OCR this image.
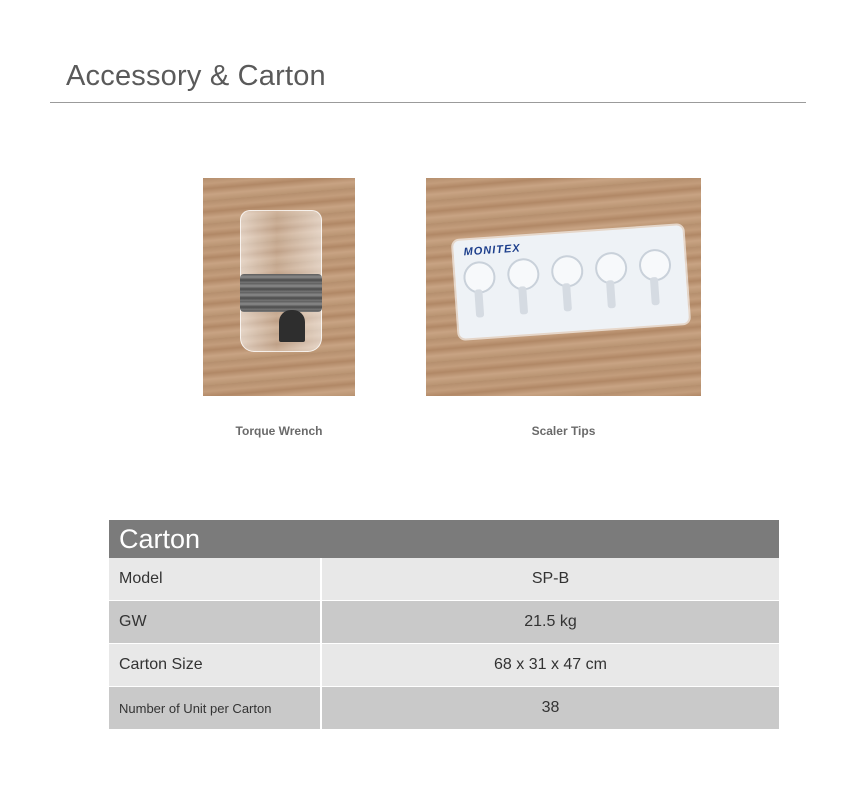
Accessory & Carton
MONITEX
Torque Wrench	Scaler Tips
Carton	
Model	SP-B
GW	21.5 kg
Carton Size	68 x 31 x 47 cm
Number of Unit per Carton	38
